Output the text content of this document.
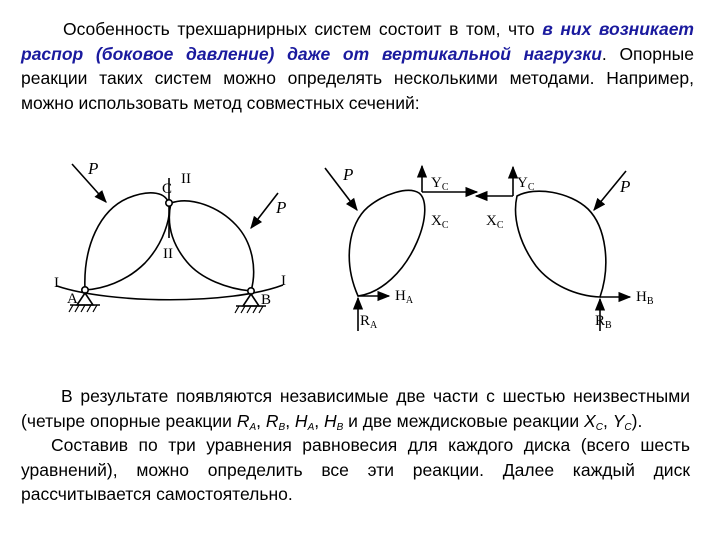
Особенность трехшарнирных систем состоит в том, что в них возникает распор (боковое давление) даже от вертикальной нагрузки. Опорные реакции таких систем можно определять несколькими методами. Например, можно использовать метод совместных сечений:
P
P
C
II
II
I	I
A	B
P
P
$Y_C$
$X_C$
$Y_C$
$X_C$
$H_A$
$R_A$
$H_B$
$R_B$
В результате появляются независимые две части с шестью неизвестными (четыре опорные реакции $R_A$, $R_B$, $H_A$, $H_B$ и две междисковые реакции $X_C$, $Y_C$).
Составив по три уравнения равновесия для каждого диска (всего шесть уравнений), можно определить все эти реакции. Далее каждый диск рассчитывается самостоятельно.
